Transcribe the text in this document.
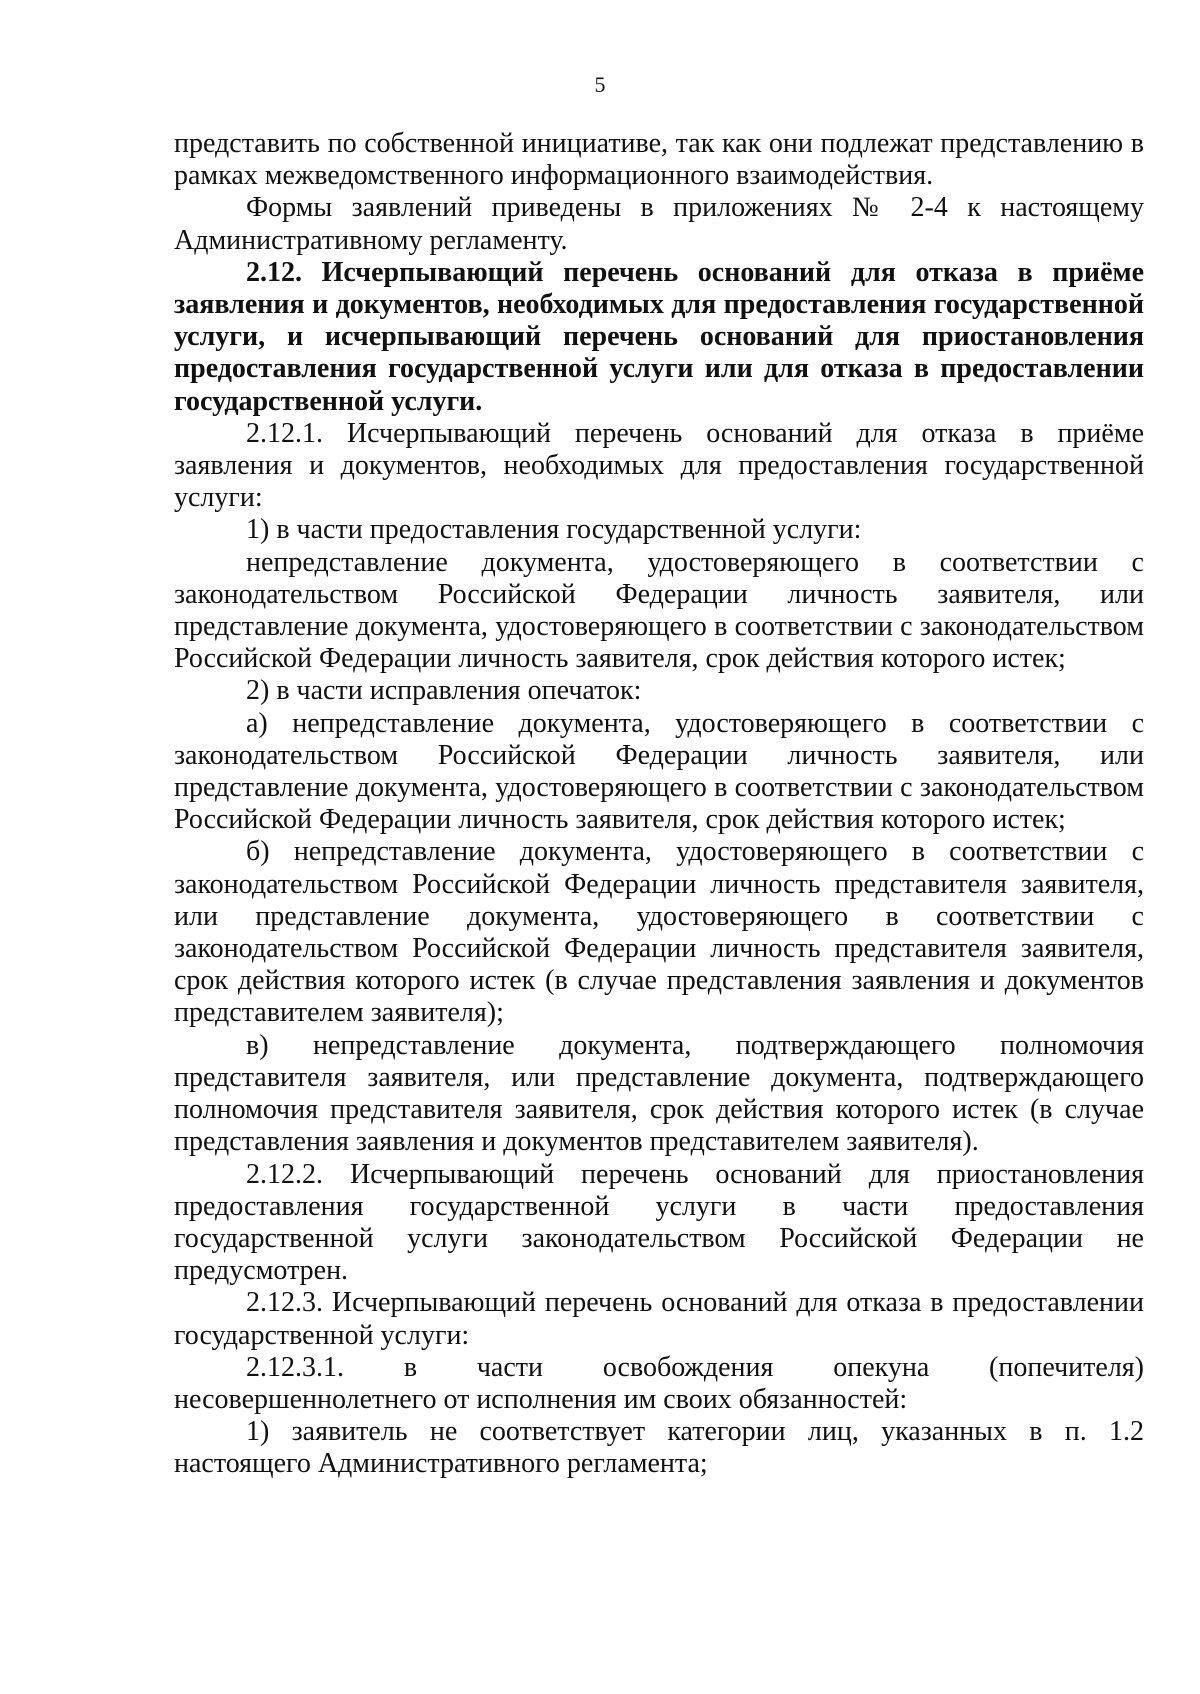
5

представить по собственной инициативе, так как они подлежат представлению в рамках межведомственного информационного взаимодействия.

Формы заявлений приведены в приложениях № 2-4 к настоящему Административному регламенту.

2.12. Исчерпывающий перечень оснований для отказа в приёме заявления и документов, необходимых для предоставления государственной услуги, и исчерпывающий перечень оснований для приостановления предоставления государственной услуги или для отказа в предоставлении государственной услуги.

2.12.1. Исчерпывающий перечень оснований для отказа в приёме заявления и документов, необходимых для предоставления государственной услуги:

1) в части предоставления государственной услуги:

непредставление документа, удостоверяющего в соответствии с законодательством Российской Федерации личность заявителя, или представление документа, удостоверяющего в соответствии с законодательством Российской Федерации личность заявителя, срок действия которого истек;

2) в части исправления опечаток:

а) непредставление документа, удостоверяющего в соответствии с законодательством Российской Федерации личность заявителя, или представление документа, удостоверяющего в соответствии с законодательством Российской Федерации личность заявителя, срок действия которого истек;

б) непредставление документа, удостоверяющего в соответствии с законодательством Российской Федерации личность представителя заявителя, или представление документа, удостоверяющего в соответствии с законодательством Российской Федерации личность представителя заявителя, срок действия которого истек (в случае представления заявления и документов представителем заявителя);

в) непредставление документа, подтверждающего полномочия представителя заявителя, или представление документа, подтверждающего полномочия представителя заявителя, срок действия которого истек (в случае представления заявления и документов представителем заявителя).

2.12.2. Исчерпывающий перечень оснований для приостановления предоставления государственной услуги в части предоставления государственной услуги законодательством Российской Федерации не предусмотрен.

2.12.3. Исчерпывающий перечень оснований для отказа в предоставлении государственной услуги:

2.12.3.1. в части освобождения опекуна (попечителя) несовершеннолетнего от исполнения им своих обязанностей:

1) заявитель не соответствует категории лиц, указанных в п. 1.2 настоящего Административного регламента;
